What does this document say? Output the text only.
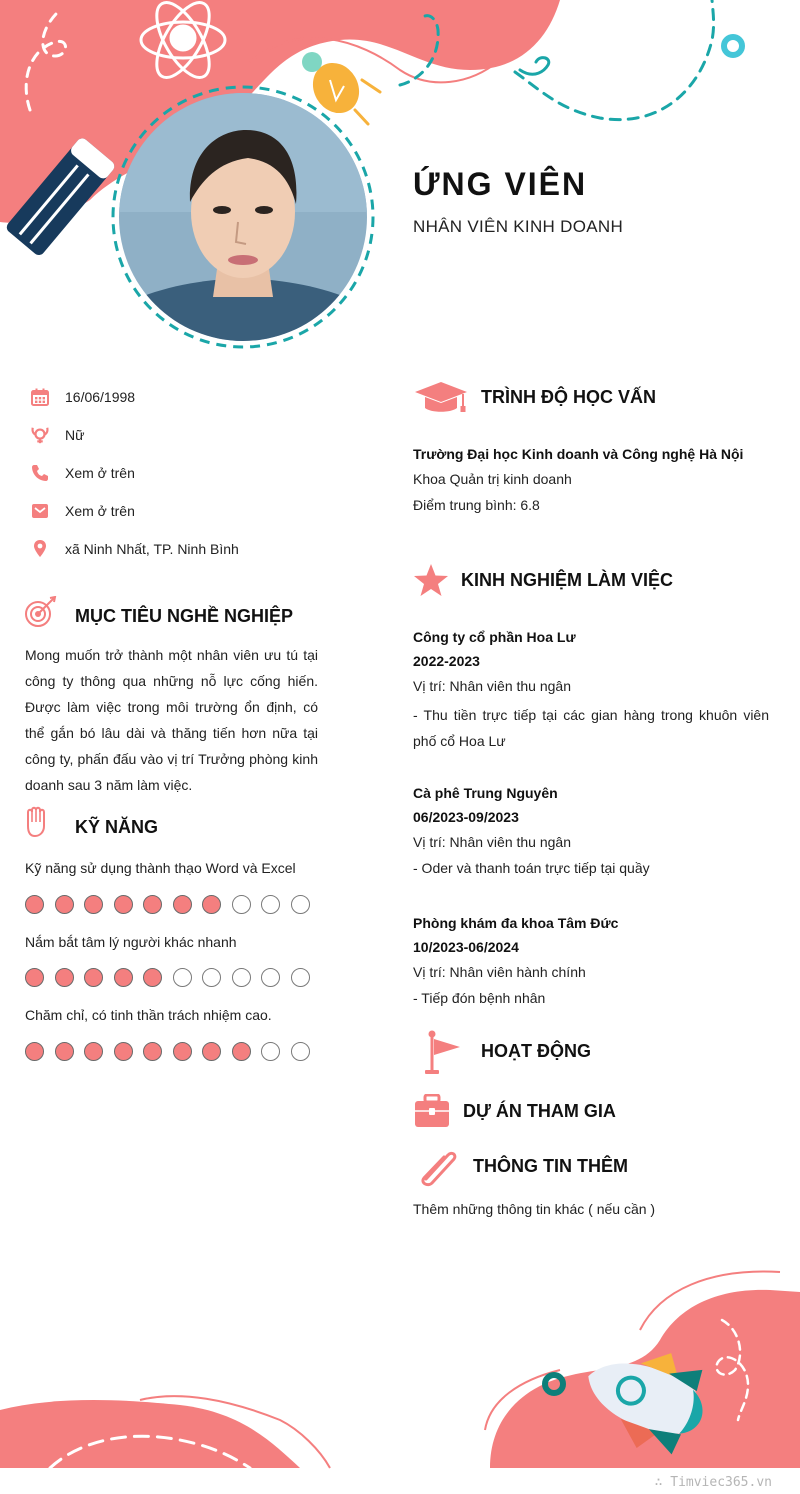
ỨNG VIÊN
NHÂN VIÊN KINH DOANH
16/06/1998
Nữ
Xem ở trên
Xem ở trên
xã Ninh Nhất, TP. Ninh Bình
MỤC TIÊU NGHỀ NGHIỆP
Mong muốn trở thành một nhân viên ưu tú tại công ty thông qua những nỗ lực cống hiến. Được làm việc trong môi trường ổn định, có thể gắn bó lâu dài và thăng tiến hơn nữa tại công ty, phấn đấu vào vị trí Trưởng phòng kinh doanh sau 3 năm làm việc.
KỸ NĂNG
Kỹ năng sử dụng thành thạo Word và Excel
Nắm bắt tâm lý người khác nhanh
Chăm chỉ, có tinh thần trách nhiệm cao.
TRÌNH ĐỘ HỌC VẤN
Trường Đại học Kinh doanh và Công nghệ Hà Nội
Khoa Quản trị kinh doanh
Điểm trung bình: 6.8
KINH NGHIỆM LÀM VIỆC
Công ty cổ phần Hoa Lư
2022-2023
Vị trí: Nhân viên thu ngân
- Thu tiền trực tiếp tại các gian hàng trong khuôn viên phố cổ Hoa Lư
Cà phê Trung Nguyên
06/2023-09/2023
Vị trí: Nhân viên thu ngân
- Oder và thanh toán trực tiếp tại quầy
Phòng khám đa khoa Tâm Đức
10/2023-06/2024
Vị trí: Nhân viên hành chính
- Tiếp đón bệnh nhân
HOẠT ĐỘNG
DỰ ÁN THAM GIA
THÔNG TIN THÊM
Thêm những thông tin khác ( nếu cần )
∴ Timviec365.vn
